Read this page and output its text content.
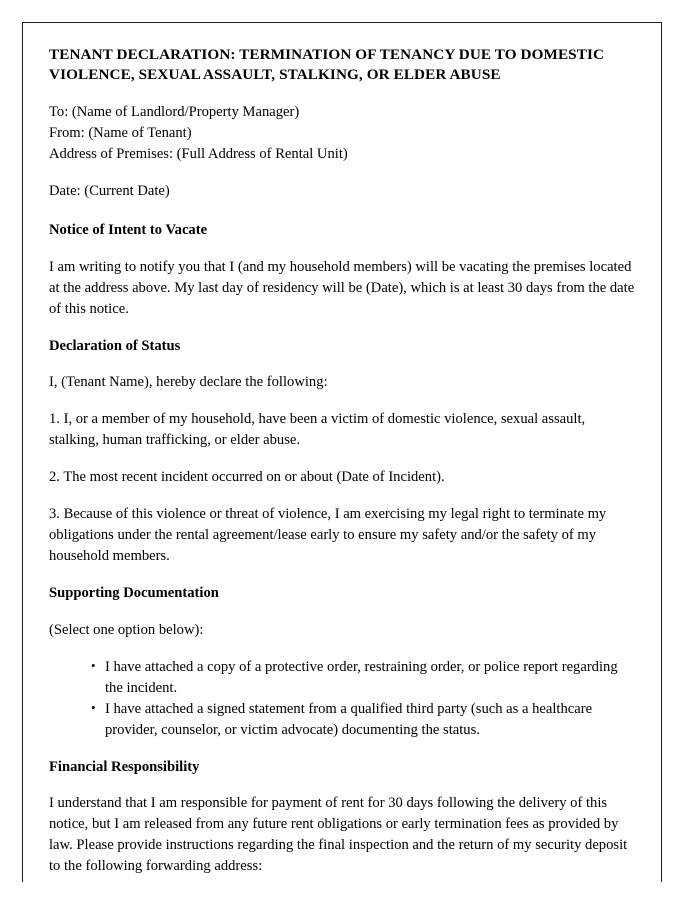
TENANT DECLARATION: TERMINATION OF TENANCY DUE TO DOMESTIC VIOLENCE, SEXUAL ASSAULT, STALKING, OR ELDER ABUSE
To: (Name of Landlord/Property Manager)
From: (Name of Tenant)
Address of Premises: (Full Address of Rental Unit)
Date: (Current Date)
Notice of Intent to Vacate

I am writing to notify you that I (and my household members) will be vacating the premises located at the address above. My last day of residency will be (Date), which is at least 30 days from the date of this notice.

Declaration of Status

I, (Tenant Name), hereby declare the following:

1. I, or a member of my household, have been a victim of domestic violence, sexual assault, stalking, human trafficking, or elder abuse.

2. The most recent incident occurred on or about (Date of Incident).

3. Because of this violence or threat of violence, I am exercising my legal right to terminate my obligations under the rental agreement/lease early to ensure my safety and/or the safety of my household members.

Supporting Documentation

(Select one option below):

• I have attached a copy of a protective order, restraining order, or police report regarding the incident.
• I have attached a signed statement from a qualified third party (such as a healthcare provider, counselor, or victim advocate) documenting the status.
Financial Responsibility

I understand that I am responsible for payment of rent for 30 days following the delivery of this notice, but I am released from any future rent obligations or early termination fees as provided by law. Please provide instructions regarding the final inspection and the return of my security deposit to the following forwarding address:
